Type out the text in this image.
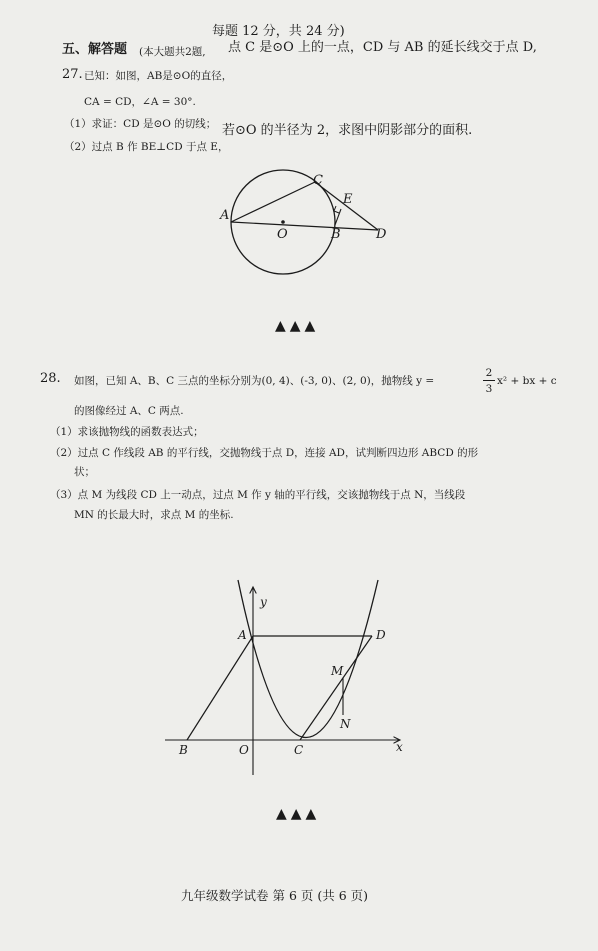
五、解答题 (本大题共2题,
每题 12 分，共 24 分)
27. 已知：如图，AB是⊙O的直径，
点 C 是⊙O 上的一点，CD 与 AB 的延长线交于点 D,
CA = CD，∠A = 30°.
（1）求证：CD 是⊙O 的切线；
（2）过点 B 作 BE⊥CD 于点 E，
若⊙O 的半径为 2，求图中阴影部分的面积.
A
C
E
O	B	D
▲▲▲
28. 如图，已知 A、B、C 三点的坐标分别为(0, 4)、(-3, 0)、(2, 0)，抛物线 y =
2
3
x² + bx + c
的图像经过 A、C 两点.
（1）求该抛物线的函数表达式；
（2）过点 C 作线段 AB 的平行线，交抛物线于点 D，连接 AD，试判断四边形 ABCD 的形
状；
（3）点 M 为线段 CD 上一动点，过点 M 作 y 轴的平行线，交该抛物线于点 N，当线段
MN 的长最大时，求点 M 的坐标.
y
x
A	D
M
N
B	O	C
▲▲▲
九年级数学试卷 第 6 页 (共 6 页)
